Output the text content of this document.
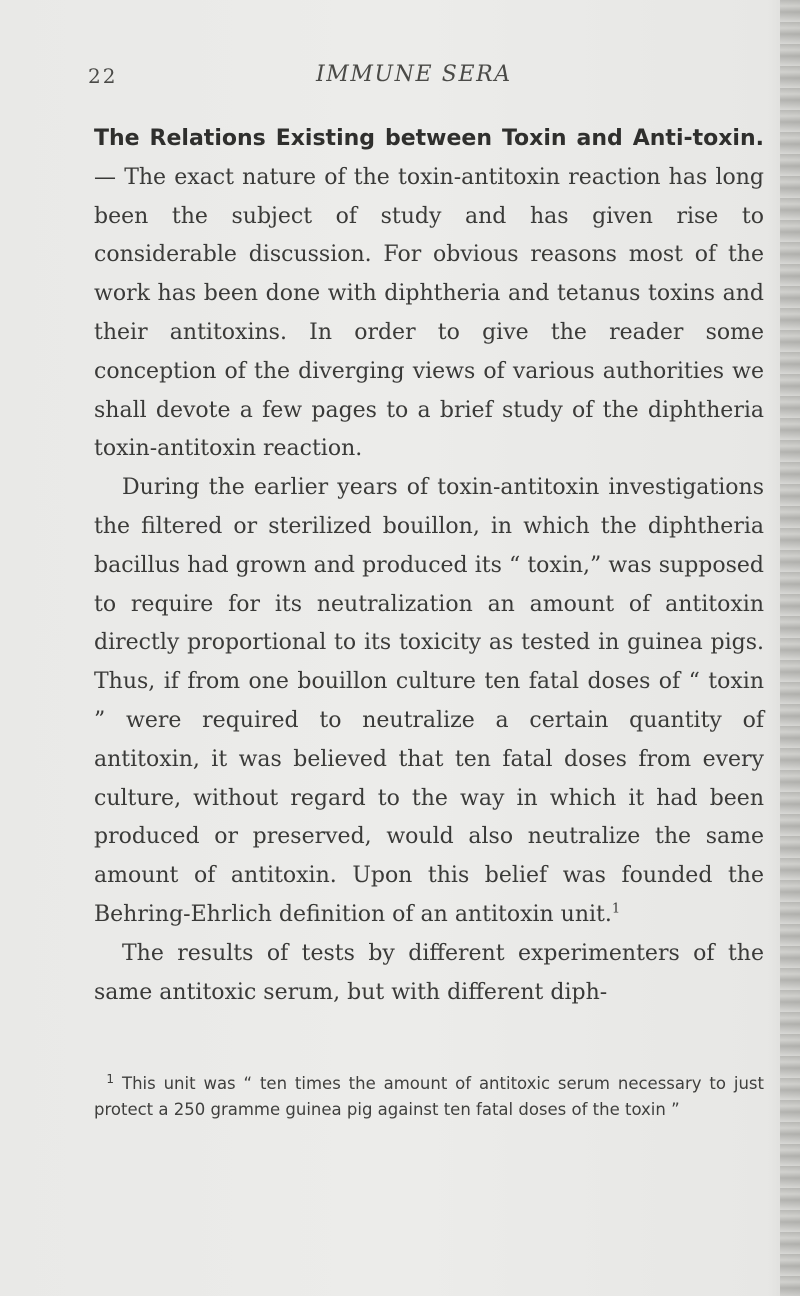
22	IMMUNE SERA

The Relations Existing between Toxin and Anti-toxin. — The exact nature of the toxin-antitoxin reaction has long been the subject of study and has given rise to considerable discussion. For obvious reasons most of the work has been done with diphtheria and tetanus toxins and their antitoxins. In order to give the reader some conception of the diverging views of various authorities we shall devote a few pages to a brief study of the diphtheria toxin-antitoxin reaction.

During the earlier years of toxin-antitoxin investigations the filtered or sterilized bouillon, in which the diphtheria bacillus had grown and produced its “ toxin,” was supposed to require for its neutralization an amount of antitoxin directly proportional to its toxicity as tested in guinea pigs. Thus, if from one bouillon culture ten fatal doses of “ toxin ” were required to neutralize a certain quantity of antitoxin, it was believed that ten fatal doses from every culture, without regard to the way in which it had been produced or preserved, would also neutralize the same amount of antitoxin. Upon this belief was founded the Behring-Ehrlich definition of an antitoxin unit.$^1$

The results of tests by different experimenters of the same antitoxic serum, but with different diph-

1 This unit was “ ten times the amount of antitoxic serum necessary to just protect a 250 gramme guinea pig against ten fatal doses of the toxin ”
